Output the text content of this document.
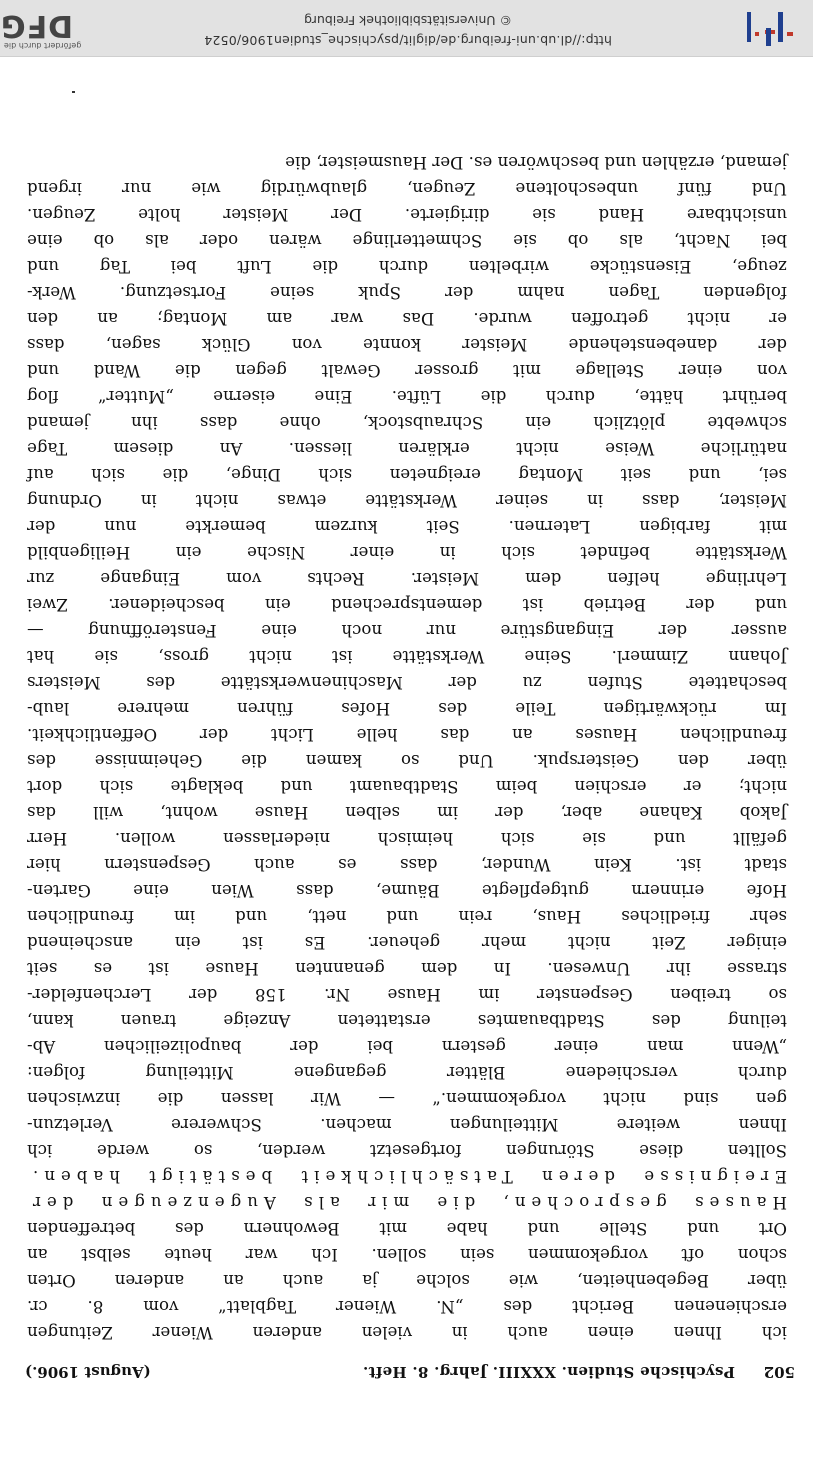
502
Psychische Studien. XXXIII. Jahrg. 8. Heft.
(August 1906.)
ich Ihnen einen auch in vielen anderen Wiener Zeitungen
erschienenen Bericht des „N. Wiener Tagblatt“ vom 8. cr.
über Begebenheiten, wie solche ja auch an anderen Orten
schon oft vorgekommen sein sollen. Ich war heute selbst an
Ort und Stelle und habe mit Bewohnern des betreffenden
Hauses gesprochen, die mir als Augenzeugen der
Ereignisse deren Tatsächlichkeit bestätigt haben.
Sollten diese Störungen fortgesetzt werden, so werde ich
Ihnen weitere Mitteilungen machen. Schwerere Verletzun-
gen sind nicht vorgekommen.“ — Wir lassen die inzwischen
durch verschiedene Blätter gegangene Mitteilung folgen:
„Wenn man einer gestern bei der baupolizeilichen Ab-
teilung des Stadtbauamtes erstatteten Anzeige trauen kann,
so treiben Gespenster im Hause Nr. 158 der Lerchenfelder-
strasse ihr Unwesen. In dem genannten Hause ist es seit
einiger Zeit nicht mehr geheuer. Es ist ein anscheinend
sehr friedliches Haus, rein und nett, und im freundlichen
Hofe erinnern gutgepflegte Bäume, dass Wien eine Garten-
stadt ist. Kein Wunder, dass es auch Gespenstern hier
gefällt und sie sich heimisch niederlassen wollen. Herr
Jakob Kahane aber, der im selben Hause wohnt, will das
nicht; er erschien beim Stadtbauamt und beklagte sich dort
über den Geisterspuk. Und so kamen die Geheimnisse des
freundlichen Hauses an das helle Licht der Oeffentlichkeit.
Im rückwärtigen Teile des Hofes führen mehrere laub-
beschattete Stufen zu der Maschinenwerkstätte des Meisters
Johann Zimmerl. Seine Werkstätte ist nicht gross, sie hat
ausser der Eingangstüre nur noch eine Fensteröffnung —
und der Betrieb ist dementsprechend ein bescheidener. Zwei
Lehrlinge helfen dem Meister. Rechts vom Eingange zur
Werkstätte befindet sich in einer Nische ein Heiligenbild
mit farbigen Laternen. Seit kurzem bemerkte nun der
Meister, dass in seiner Werkstätte etwas nicht in Ordnung
sei, und seit Montag ereigneten sich Dinge, die sich auf
natürliche Weise nicht erklären liessen. An diesem Tage
schwebte plötzlich ein Schraubstock, ohne dass ihn jemand
berührt hätte, durch die Lüfte. Eine eiserne „Mutter“ flog
von einer Stellage mit grosser Gewalt gegen die Wand und
der danebenstehende Meister konnte von Glück sagen, dass
er nicht getroffen wurde. Das war am Montag; an den
folgenden Tagen nahm der Spuk seine Fortsetzung. Werk-
zeuge, Eisenstücke wirbelten durch die Luft bei Tag und
bei Nacht, als ob sie Schmetterlinge wären oder als ob eine
unsichtbare Hand sie dirigierte. Der Meister holte Zeugen.
Und fünf unbescholtene Zeugen, glaubwürdig wie nur irgend
jemand, erzählen und beschwören es. Der Hausmeister, die
http://dl.ub.uni-freiburg.de/diglit/psychische_studien1906/0524
© Universitätsbibliothek Freiburg
gefördert durch die
DFG
